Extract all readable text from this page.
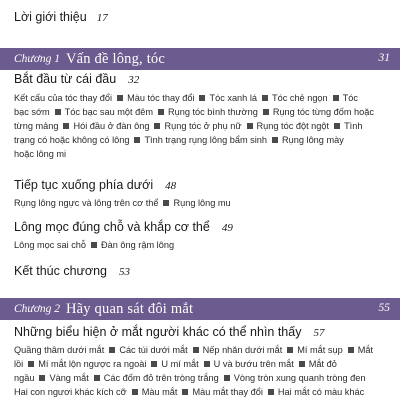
Lời giới thiệu 17
Chương 1 Vấn đề lông, tóc	31
Bắt đầu từ cái đầu 32
Kết cấu của tóc thay đổi Màu tóc thay đổi Tóc xanh lá Tóc chẻ ngọn Tóc
bạc sớm Tóc bạc sau một đêm Rụng tóc bình thường Rụng tóc từng đốm hoặc
từng mảng Hói đầu ở đàn ông Rụng tóc ở phụ nữ Rụng tóc đột ngột Tình
trạng có hoặc không có lông Tình trạng rụng lông bẩm sinh Rụng lông mày
hoặc lông mi
Tiếp tục xuống phía dưới 48
Rụng lông ngực và lông trên cơ thể Rụng lông mu
Lông mọc đúng chỗ và khắp cơ thể 49
Lông mọc sai chỗ Đàn ông rậm lông
Kết thúc chương 53
Chương 2 Hãy quan sát đôi mắt	55
Những biểu hiện ở mắt người khác có thể nhìn thấy 57
Quầng thâm dưới mắt Các túi dưới mắt Nếp nhăn dưới mắt Mí mắt sụp Mắt
lồi Mí mắt lộn ngược ra ngoài U mí mắt U và bướu trên mắt Mắt đỏ
ngầu Vàng mắt Các đốm đỏ trên tròng trắng Vòng tròn xung quanh tròng đen
Hai con ngươi khác kích cỡ Màu mắt Màu mắt thay đổi Hai mắt có màu khác
